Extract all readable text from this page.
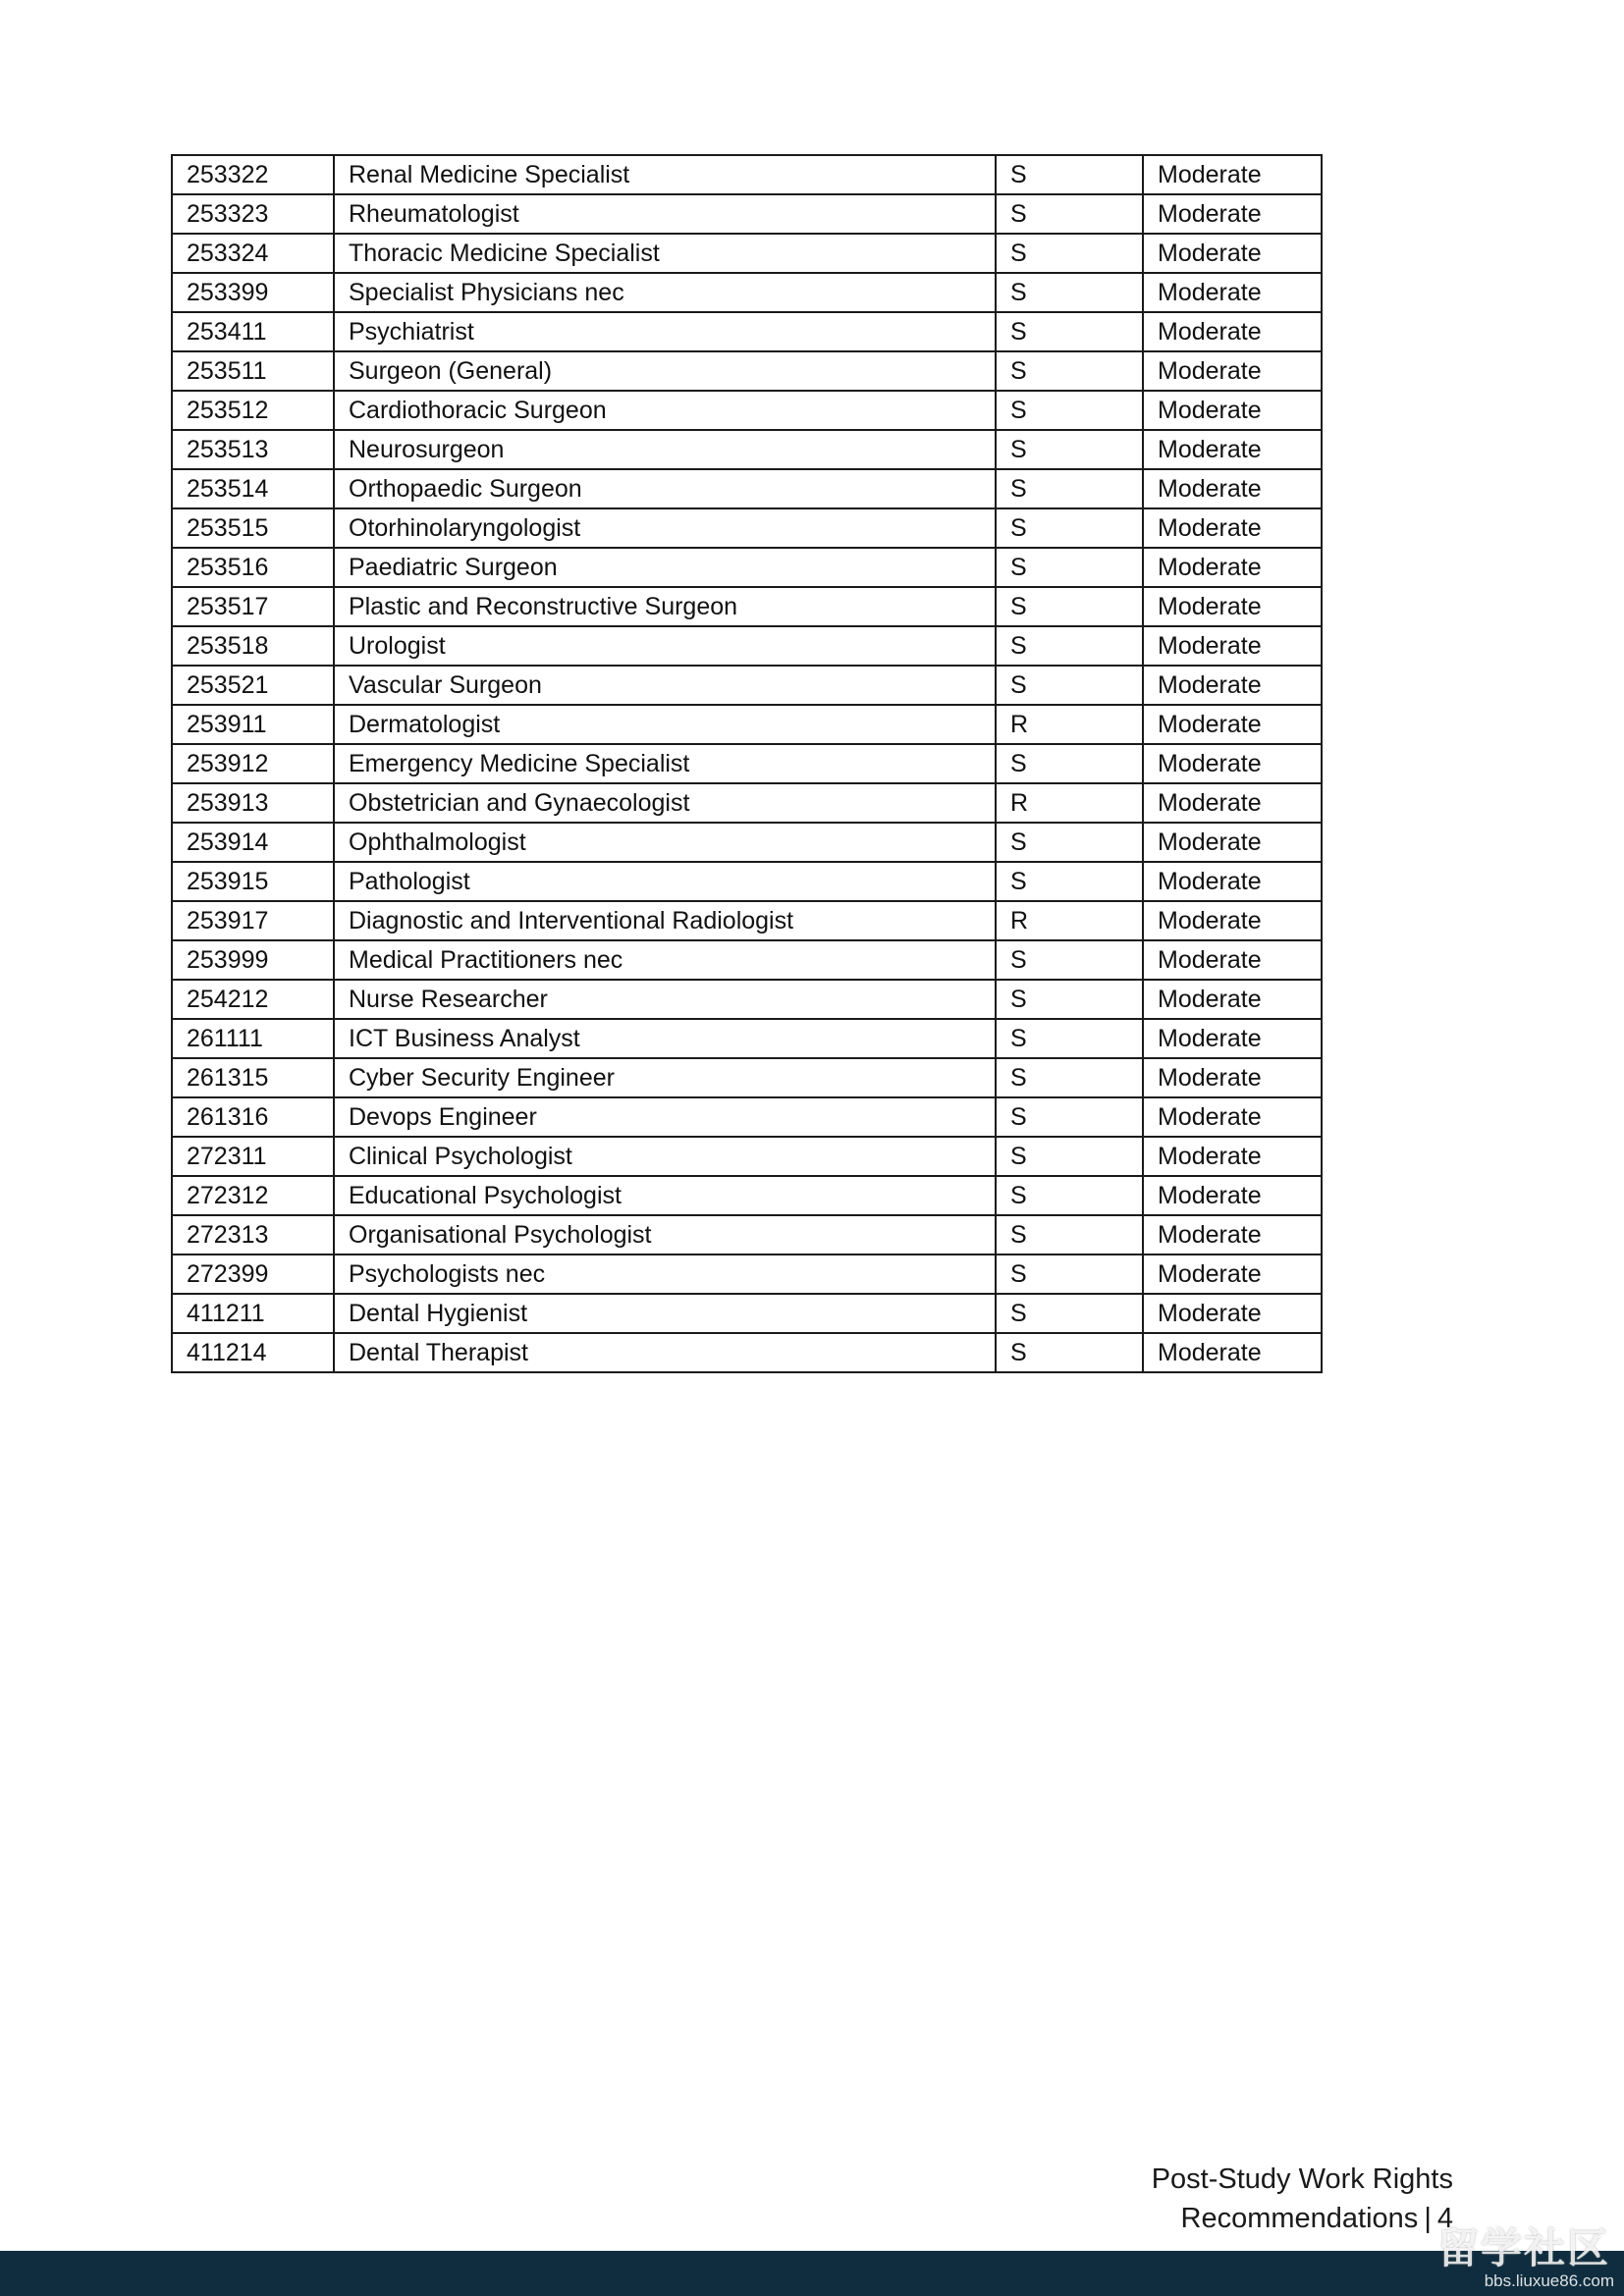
253322	Renal Medicine Specialist	S	Moderate
253323	Rheumatologist	S	Moderate
253324	Thoracic Medicine Specialist	S	Moderate
253399	Specialist Physicians nec	S	Moderate
253411	Psychiatrist	S	Moderate
253511	Surgeon (General)	S	Moderate
253512	Cardiothoracic Surgeon	S	Moderate
253513	Neurosurgeon	S	Moderate
253514	Orthopaedic Surgeon	S	Moderate
253515	Otorhinolaryngologist	S	Moderate
253516	Paediatric Surgeon	S	Moderate
253517	Plastic and Reconstructive Surgeon	S	Moderate
253518	Urologist	S	Moderate
253521	Vascular Surgeon	S	Moderate
253911	Dermatologist	R	Moderate
253912	Emergency Medicine Specialist	S	Moderate
253913	Obstetrician and Gynaecologist	R	Moderate
253914	Ophthalmologist	S	Moderate
253915	Pathologist	S	Moderate
253917	Diagnostic and Interventional Radiologist	R	Moderate
253999	Medical Practitioners nec	S	Moderate
254212	Nurse Researcher	S	Moderate
261111	ICT Business Analyst	S	Moderate
261315	Cyber Security Engineer	S	Moderate
261316	Devops Engineer	S	Moderate
272311	Clinical Psychologist	S	Moderate
272312	Educational Psychologist	S	Moderate
272313	Organisational Psychologist	S	Moderate
272399	Psychologists nec	S	Moderate
411211	Dental Hygienist	S	Moderate
411214	Dental Therapist	S	Moderate
Post-Study Work Rights Recommendations | 4
留学社区
bbs.liuxue86.com
